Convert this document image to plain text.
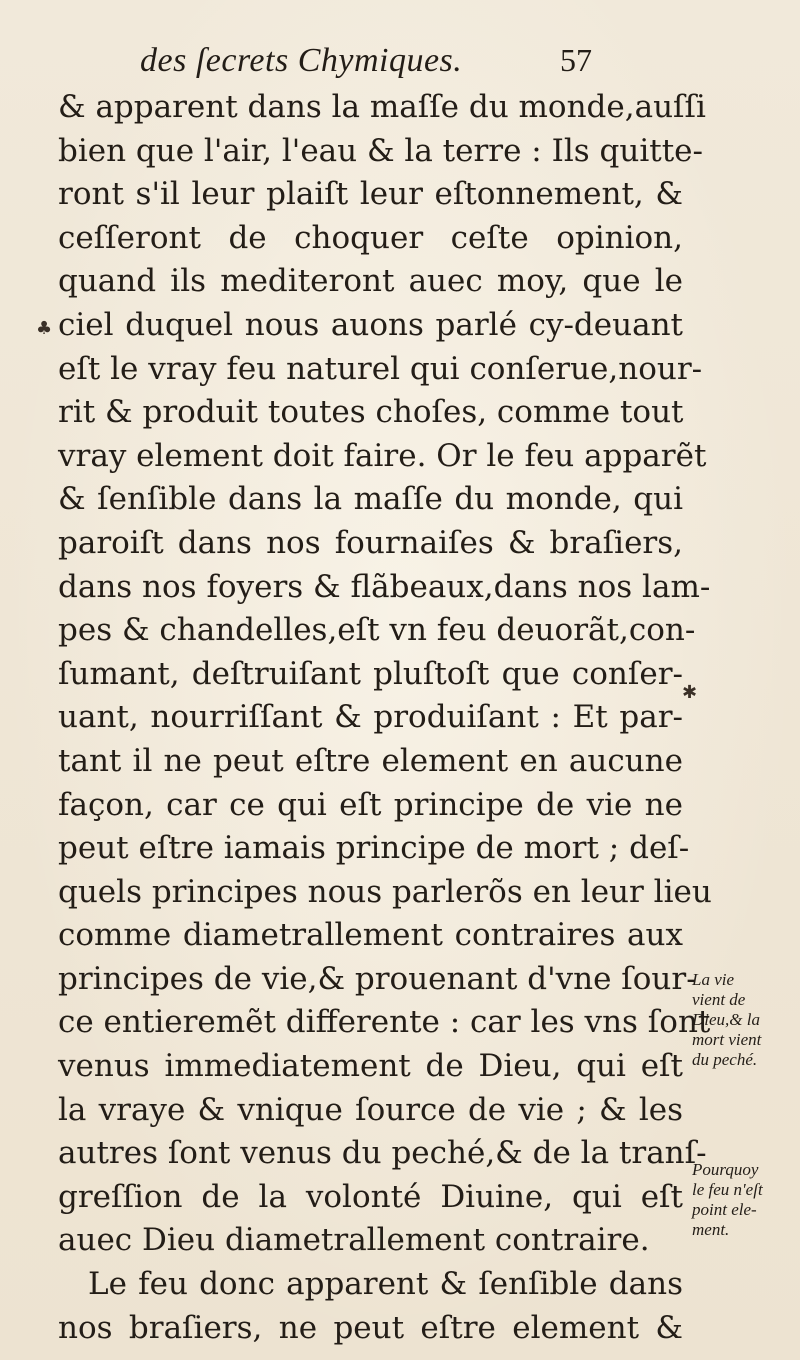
des ſecrets Chymiques.	57
& apparent dans la maſſe du monde,auſſi
bien que l'air, l'eau & la terre : Ils quitte-
ront s'il leur plaiſt leur eſtonnement, &
ceſſeront de choquer ceſte opinion,
quand ils mediteront auec moy, que le
ciel duquel nous auons parlé cy-deuant
eſt le vray feu naturel qui conſerue,nour-
rit & produit toutes choſes, comme tout
vray element doit faire. Or le feu apparẽt
& ſenſible dans la maſſe du monde, qui
paroiſt dans nos fournaiſes & braſiers,
dans nos foyers & flãbeaux,dans nos lam-
pes & chandelles,eſt vn feu deuorãt,con-
ſumant, deſtruiſant pluſtoſt que conſer-
uant, nourriſſant & produiſant : Et par-
tant il ne peut eſtre element en aucune
façon, car ce qui eſt principe de vie ne
peut eſtre iamais principe de mort ; deſ-
quels principes nous parlerõs en leur lieu
comme diametrallement contraires aux
principes de vie,& prouenant d'vne ſour-
ce entieremẽt differente : car les vns ſont
venus immediatement de Dieu, qui eſt
la vraye & vnique ſource de vie ; & les
autres ſont venus du peché,& de la tranſ-
greſſion de la volonté Diuine, qui eſt
auec Dieu diametrallement contraire.
Le feu donc apparent & ſenſible dans
nos braſiers, ne peut eſtre element &
La vie
vient de
Dieu,& la
mort vient
du peché.
Pourquoy
le feu n'eſt
point ele-
ment.
♣
✱
